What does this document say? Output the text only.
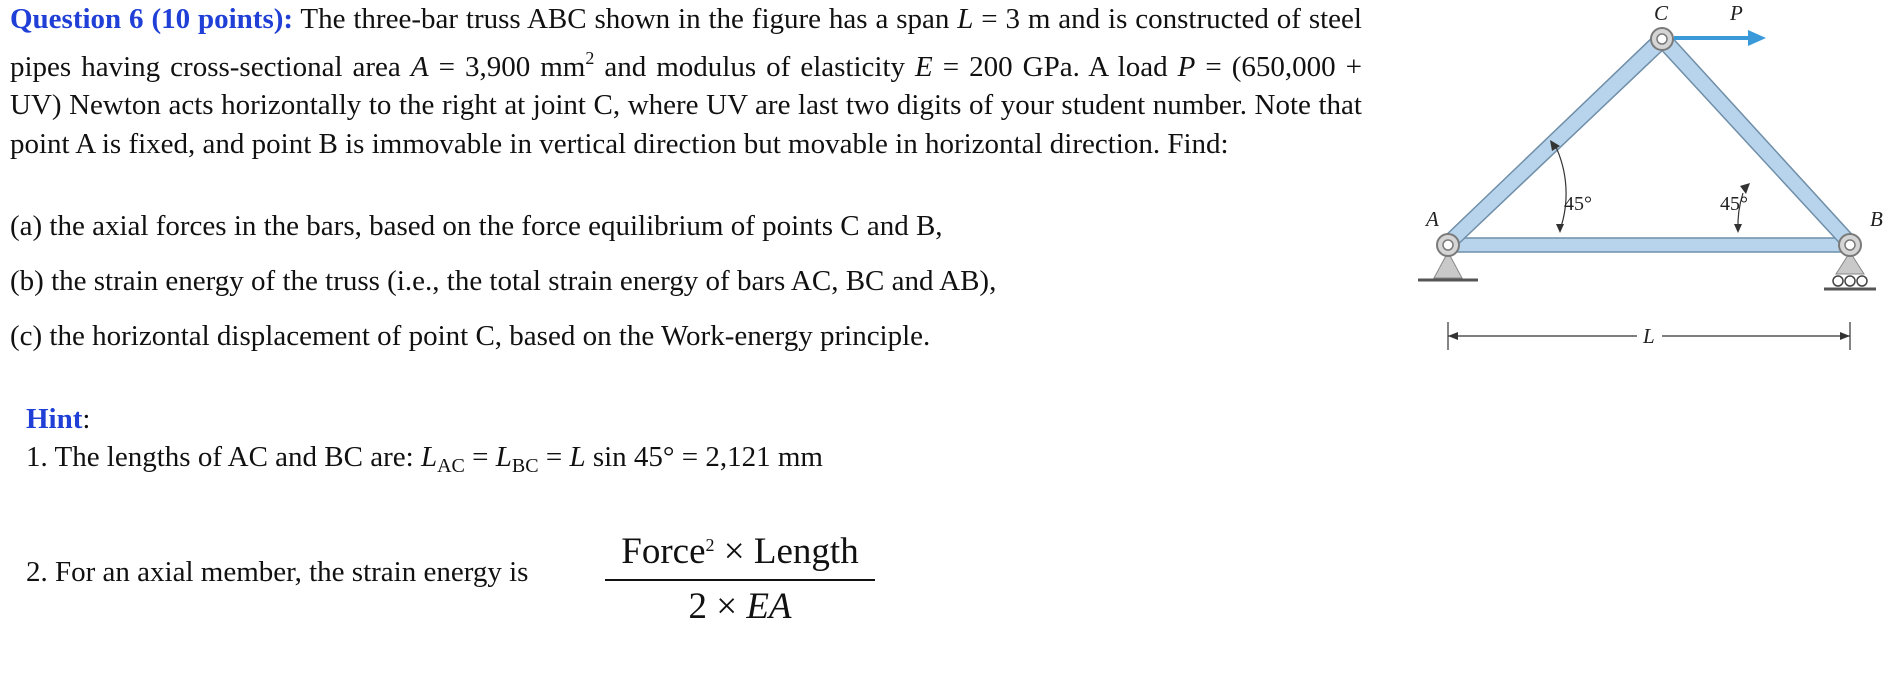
Question 6 (10 points): The three-bar truss ABC shown in the figure has a span L = 3 m and is constructed of steel pipes having cross-sectional area A = 3,900 $mm^2$ and modulus of elasticity E = 200 GPa. A load P = (650,000 + UV) Newton acts horizontally to the right at joint C, where UV are last two digits of your student number. Note that point A is fixed, and point B is immovable in vertical direction but movable in horizontal direction. Find:
(a) the axial forces in the bars, based on the force equilibrium of points C and B,
(b) the strain energy of the truss (i.e., the total strain energy of bars AC, BC and AB),
(c) the horizontal displacement of point C, based on the Work-energy principle.
Hint:
1. The lengths of AC and BC are: $L_{AC} = L_{BC} = L$ sin 45° = 2,121 mm
2. For an axial member, the strain energy is	Force$^2$ × Length
2 × EA
A	B
C	P
L
45°	45°
